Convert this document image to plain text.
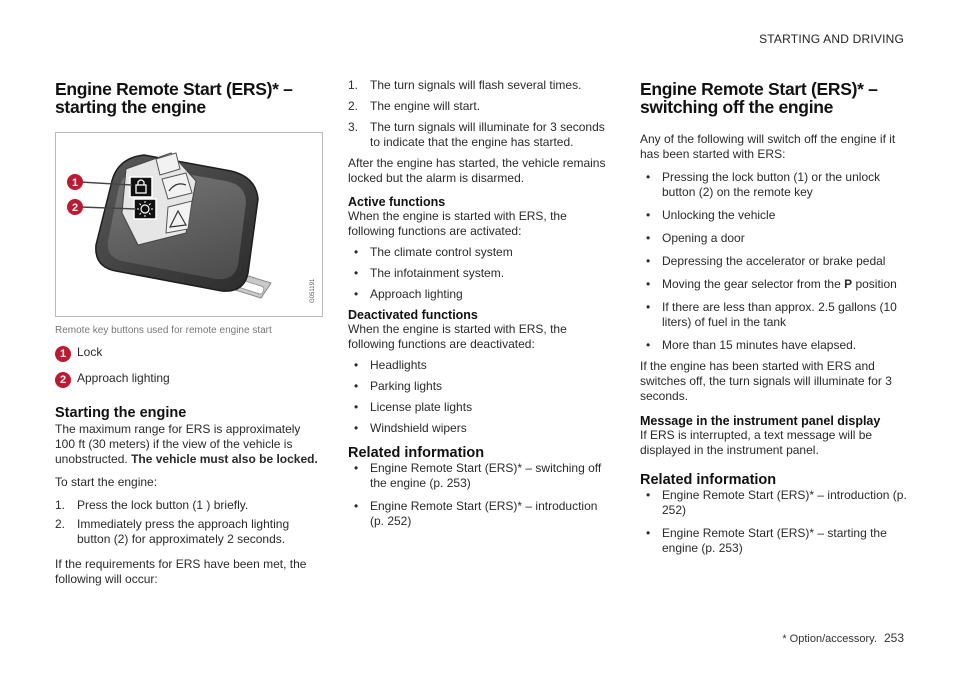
STARTING AND DRIVING
Engine Remote Start (ERS)* – starting the engine
1
2
G051191
Remote key buttons used for remote engine start
1 Lock
2 Approach lighting
Starting the engine

The maximum range for ERS is approximately 100 ft (30 meters) if the view of the vehicle is unobstructed. The vehicle must also be locked.

To start the engine:

1. Press the lock button (1 ) briefly.
2. Immediately press the approach lighting button (2) for approximately 2 seconds.

If the requirements for ERS have been met, the following will occur:

1. The turn signals will flash several times.
2. The engine will start.
3. The turn signals will illuminate for 3 seconds to indicate that the engine has started.

After the engine has started, the vehicle remains locked but the alarm is disarmed.

Active functions

When the engine is started with ERS, the following functions are activated:

• The climate control system
• The infotainment system.
• Approach lighting
Deactivated functions

When the engine is started with ERS, the following functions are deactivated:

• Headlights
• Parking lights
• License plate lights
• Windshield wipers
Related information
• Engine Remote Start (ERS)* – switching off the engine (p. 253)
• Engine Remote Start (ERS)* – introduction (p. 252)
Engine Remote Start (ERS)* – switching off the engine

Any of the following will switch off the engine if it has been started with ERS:

• Pressing the lock button (1) or the unlock button (2) on the remote key
• Unlocking the vehicle
• Opening a door
• Depressing the accelerator or brake pedal
• Moving the gear selector from the P position
• If there are less than approx. 2.5 gallons (10 liters) of fuel in the tank
• More than 15 minutes have elapsed.

If the engine has been started with ERS and switches off, the turn signals will illuminate for 3 seconds.

Message in the instrument panel display

If ERS is interrupted, a text message will be displayed in the instrument panel.

Related information
• Engine Remote Start (ERS)* – introduction (p. 252)
• Engine Remote Start (ERS)* – starting the engine (p. 253)
* Option/accessory. 253
